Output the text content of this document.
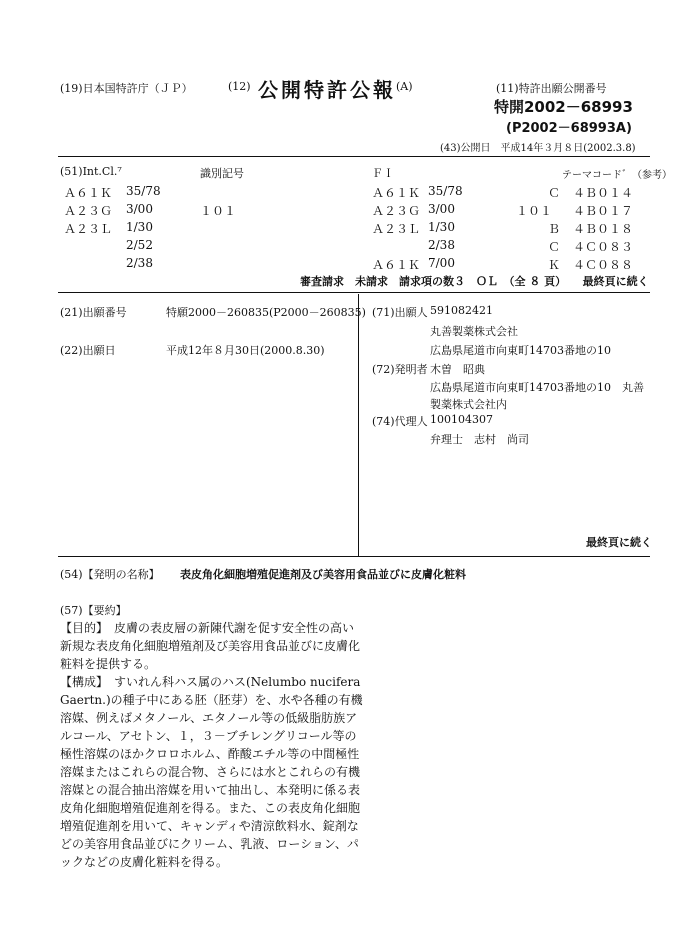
(19)日本国特許庁（ＪＰ）	(12) 公開特許公報 (A)	(11)特許出願公開番号
特開2002－68993
(P2002－68993A)
(43)公開日　平成14年３月８日(2002.3.8)
(51)Int.Cl.⁷	識別記号	ＦＩ	テーマコード゛（参考）
Ａ６１Ｋ 35/78	Ａ６１Ｋ 35/78	Ｃ ４Ｂ０１４
Ａ２３Ｇ 3/00	１０１	Ａ２３Ｇ 3/00	１０１ ４Ｂ０１７
Ａ２３Ｌ 1/30	Ａ２３Ｌ 1/30	Ｂ ４Ｂ０１８
2/52	2/38	Ｃ ４Ｃ０８３
2/38	Ａ６１Ｋ 7/00	Ｋ ４Ｃ０８８
審査請求　未請求　請求項の数３　ＯＬ　（全 ８ 頁）　　最終頁に続く
(21)出願番号	特願2000－260835(P2000－260835)
(22)出願日	平成12年８月30日(2000.8.30)
(71)出願人 591082421
丸善製薬株式会社
広島県尾道市向東町14703番地の10
(72)発明者 木曽　昭典
広島県尾道市向東町14703番地の10　丸善
製薬株式会社内
(74)代理人 100104307
弁理士　志村　尚司
最終頁に続く
(54)【発明の名称】 表皮角化細胞増殖促進剤及び美容用食品並びに皮膚化粧料
(57)【要約】
【目的】　皮膚の表皮層の新陳代謝を促す安全性の高い
新規な表皮角化細胞増殖剤及び美容用食品並びに皮膚化
粧料を提供する。
【構成】　すいれん科ハス属のハス(Nelumbo nucifera
Gaertn.)の種子中にある胚（胚芽）を、水や各種の有機
溶媒、例えばメタノール、エタノール等の低級脂肪族ア
ルコール、アセトン、１，３－ブチレングリコール等の
極性溶媒のほかクロロホルム、酢酸エチル等の中間極性
溶媒またはこれらの混合物、さらには水とこれらの有機
溶媒との混合抽出溶媒を用いて抽出し、本発明に係る表
皮角化細胞増殖促進剤を得る。また、この表皮角化細胞
増殖促進剤を用いて、キャンディや清涼飲料水、錠剤な
どの美容用食品並びにクリーム、乳液、ローション、パ
ックなどの皮膚化粧料を得る。
